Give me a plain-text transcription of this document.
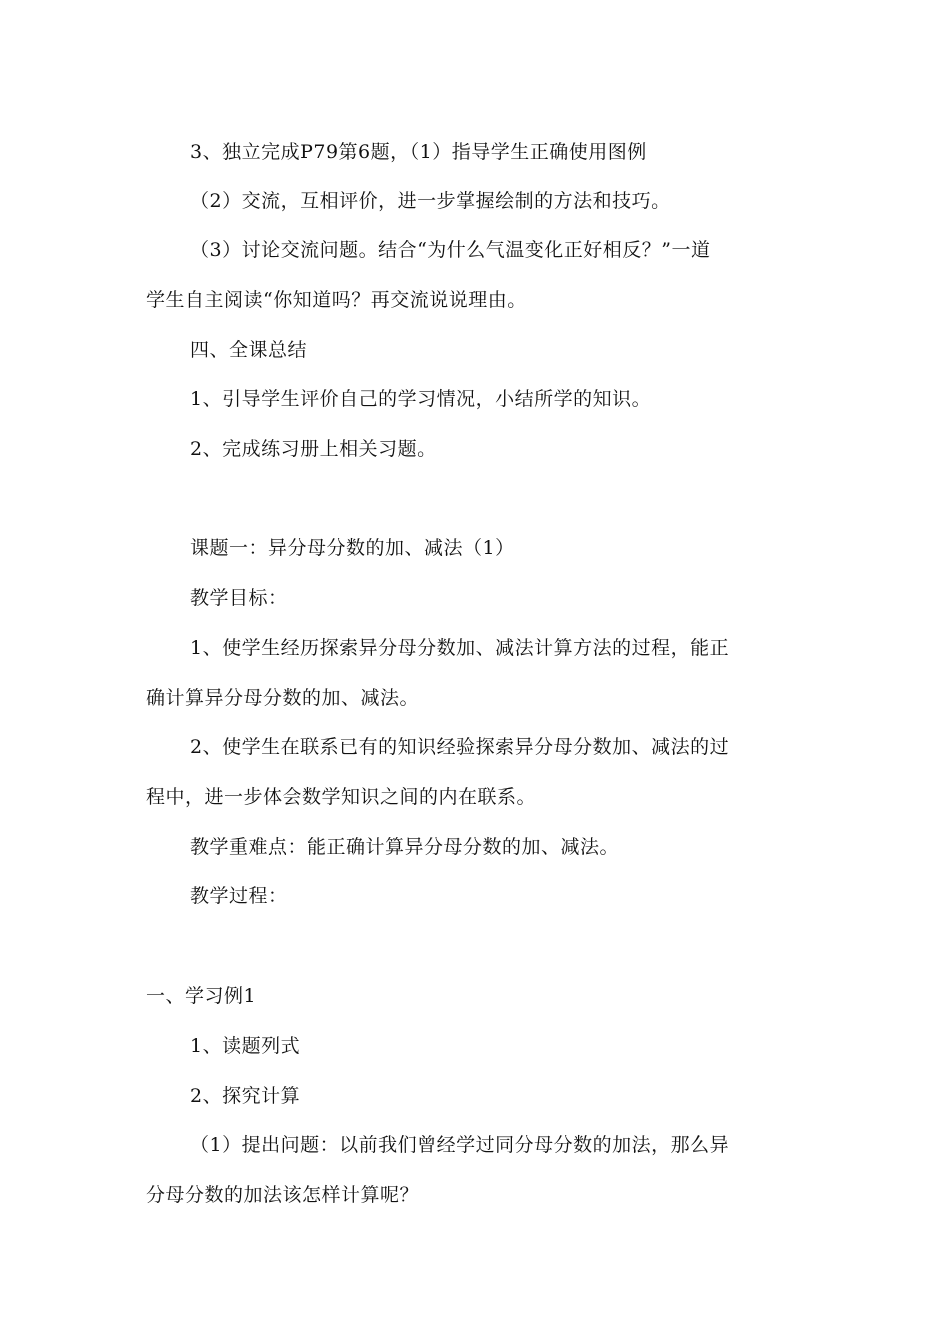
3、独立完成P79第6题，（1）指导学生正确使用图例
（2）交流，互相评价，进一步掌握绘制的方法和技巧。
（3）讨论交流问题。结合“为什么气温变化正好相反？”一道
学生自主阅读“你知道吗？再交流说说理由。
四、全课总结
1、引导学生评价自己的学习情况，小结所学的知识。
2、完成练习册上相关习题。
课题一：异分母分数的加、减法（1）
教学目标：
1、使学生经历探索异分母分数加、减法计算方法的过程，能正
确计算异分母分数的加、减法。
2、使学生在联系已有的知识经验探索异分母分数加、减法的过
程中，进一步体会数学知识之间的内在联系。
教学重难点：能正确计算异分母分数的加、减法。
教学过程：
一、学习例1
1、读题列式
2、探究计算
（1）提出问题：以前我们曾经学过同分母分数的加法，那么异
分母分数的加法该怎样计算呢？
